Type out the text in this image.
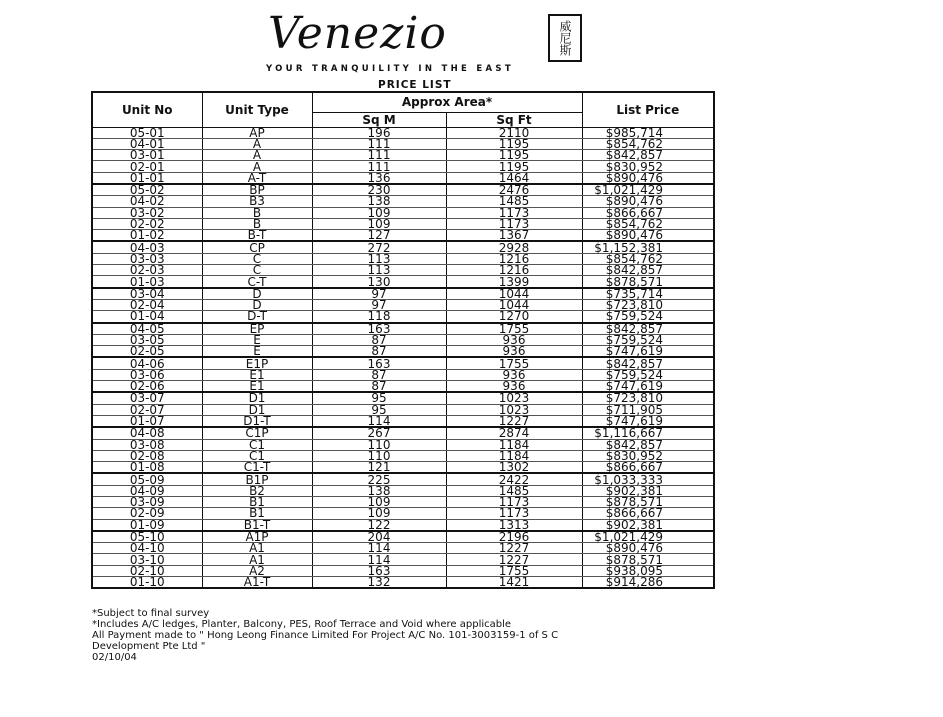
Venezio	威尼斯
YOUR TRANQUILITY IN THE EAST
PRICE LIST
Unit No	Unit Type	Approx Area*		List Price
		Sq M	Sq Ft	
05-01	AP	196	2110	$985,714
04-01	A	111	1195	$854,762
03-01	A	111	1195	$842,857
02-01	A	111	1195	$830,952
01-01	A-T	136	1464	$890,476
05-02	BP	230	2476	$1,021,429
04-02	B3	138	1485	$890,476
03-02	B	109	1173	$866,667
02-02	B	109	1173	$854,762
01-02	B-T	127	1367	$890,476
04-03	CP	272	2928	$1,152,381
03-03	C	113	1216	$854,762
02-03	C	113	1216	$842,857
01-03	C-T	130	1399	$878,571
03-04	D	97	1044	$735,714
02-04	D	97	1044	$723,810
01-04	D-T	118	1270	$759,524
04-05	EP	163	1755	$842,857
03-05	E	87	936	$759,524
02-05	E	87	936	$747,619
04-06	E1P	163	1755	$842,857
03-06	E1	87	936	$759,524
02-06	E1	87	936	$747,619
03-07	D1	95	1023	$723,810
02-07	D1	95	1023	$711,905
01-07	D1-T	114	1227	$747,619
04-08	C1P	267	2874	$1,116,667
03-08	C1	110	1184	$842,857
02-08	C1	110	1184	$830,952
01-08	C1-T	121	1302	$866,667
05-09	B1P	225	2422	$1,033,333
04-09	B2	138	1485	$902,381
03-09	B1	109	1173	$878,571
02-09	B1	109	1173	$866,667
01-09	B1-T	122	1313	$902,381
05-10	A1P	204	2196	$1,021,429
04-10	A1	114	1227	$890,476
03-10	A1	114	1227	$878,571
02-10	A2	163	1755	$938,095
01-10	A1-T	132	1421	$914,286
*Subject to final survey
*Includes A/C ledges, Planter, Balcony, PES, Roof Terrace and Void where applicable
All Payment made to " Hong Leong Finance Limited For Project A/C No. 101-3003159-1 of S C
Development Pte Ltd "
02/10/04
